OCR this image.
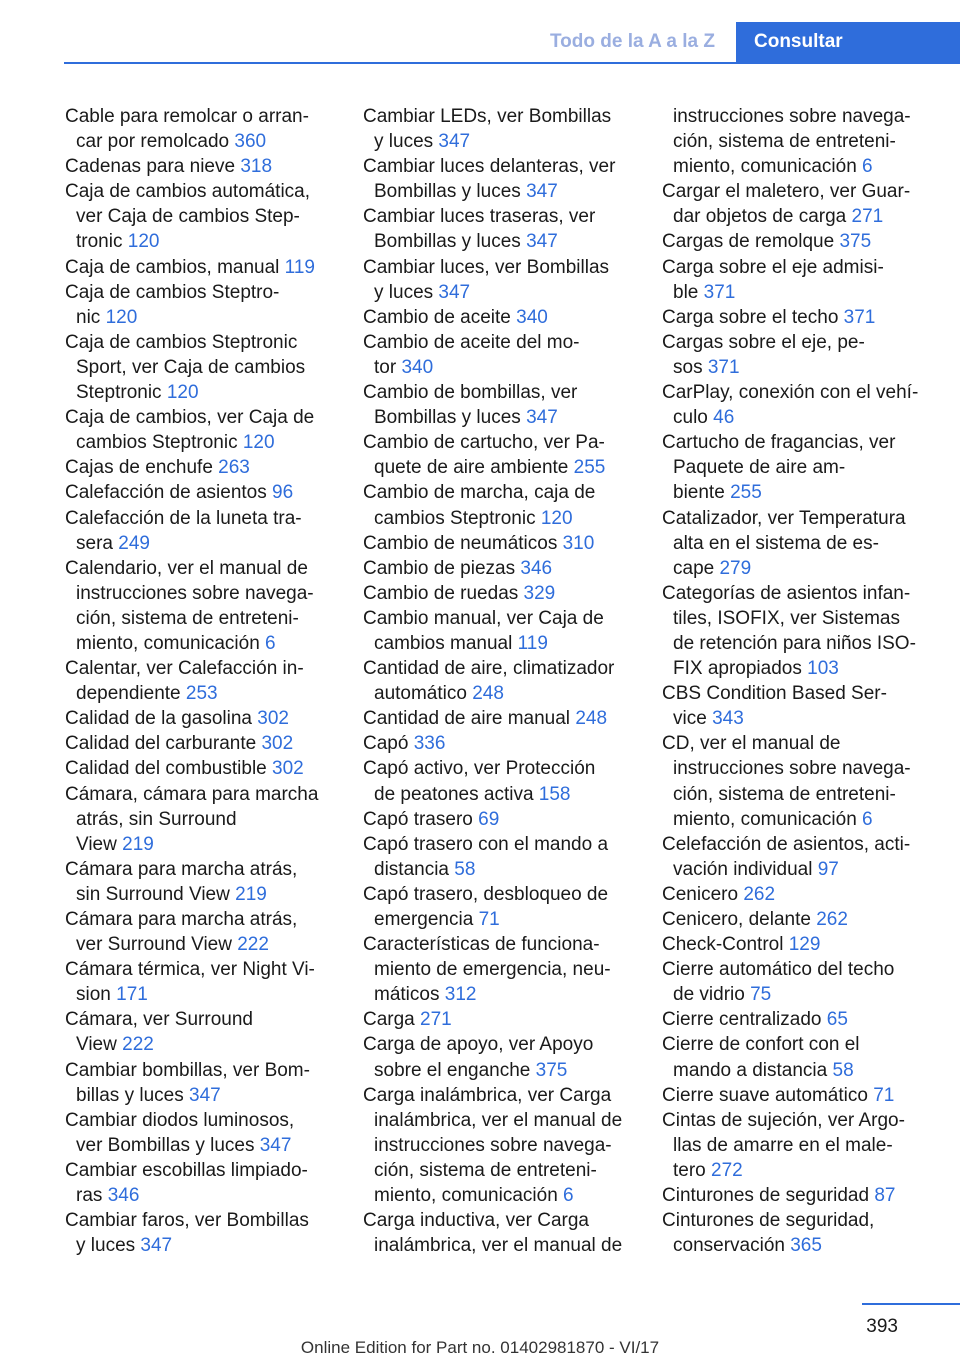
Todo de la A a la Z	Consultar
Cable para remolcar o arran-
car por remolcado 360
Cadenas para nieve 318
Caja de cambios automática,
ver Caja de cambios Step-
tronic 120
Caja de cambios, manual 119
Caja de cambios Steptro-
nic 120
Caja de cambios Steptronic
Sport, ver Caja de cambios
Steptronic 120
Caja de cambios, ver Caja de
cambios Steptronic 120
Cajas de enchufe 263
Calefacción de asientos 96
Calefacción de la luneta tra-
sera 249
Calendario, ver el manual de
instrucciones sobre navega-
ción, sistema de entreteni-
miento, comunicación 6
Calentar, ver Calefacción in-
dependiente 253
Calidad de la gasolina 302
Calidad del carburante 302
Calidad del combustible 302
Cámara, cámara para marcha
atrás, sin Surround
View 219
Cámara para marcha atrás,
sin Surround View 219
Cámara para marcha atrás,
ver Surround View 222
Cámara térmica, ver Night Vi-
sion 171
Cámara, ver Surround
View 222
Cambiar bombillas, ver Bom-
billas y luces 347
Cambiar diodos luminosos,
ver Bombillas y luces 347
Cambiar escobillas limpiado-
ras 346
Cambiar faros, ver Bombillas
y luces 347
Cambiar LEDs, ver Bombillas
y luces 347
Cambiar luces delanteras, ver
Bombillas y luces 347
Cambiar luces traseras, ver
Bombillas y luces 347
Cambiar luces, ver Bombillas
y luces 347
Cambio de aceite 340
Cambio de aceite del mo-
tor 340
Cambio de bombillas, ver
Bombillas y luces 347
Cambio de cartucho, ver Pa-
quete de aire ambiente 255
Cambio de marcha, caja de
cambios Steptronic 120
Cambio de neumáticos 310
Cambio de piezas 346
Cambio de ruedas 329
Cambio manual, ver Caja de
cambios manual 119
Cantidad de aire, climatizador
automático 248
Cantidad de aire manual 248
Capó 336
Capó activo, ver Protección
de peatones activa 158
Capó trasero 69
Capó trasero con el mando a
distancia 58
Capó trasero, desbloqueo de
emergencia 71
Características de funciona-
miento de emergencia, neu-
máticos 312
Carga 271
Carga de apoyo, ver Apoyo
sobre el enganche 375
Carga inalámbrica, ver Carga
inalámbrica, ver el manual de
instrucciones sobre navega-
ción, sistema de entreteni-
miento, comunicación 6
Carga inductiva, ver Carga
inalámbrica, ver el manual de
instrucciones sobre navega-
ción, sistema de entreteni-
miento, comunicación 6
Cargar el maletero, ver Guar-
dar objetos de carga 271
Cargas de remolque 375
Carga sobre el eje admisi-
ble 371
Carga sobre el techo 371
Cargas sobre el eje, pe-
sos 371
CarPlay, conexión con el vehí-
culo 46
Cartucho de fragancias, ver
Paquete de aire am-
biente 255
Catalizador, ver Temperatura
alta en el sistema de es-
cape 279
Categorías de asientos infan-
tiles, ISOFIX, ver Sistemas
de retención para niños ISO-
FIX apropiados 103
CBS Condition Based Ser-
vice 343
CD, ver el manual de
instrucciones sobre navega-
ción, sistema de entreteni-
miento, comunicación 6
Celefacción de asientos, acti-
vación individual 97
Cenicero 262
Cenicero, delante 262
Check-Control 129
Cierre automático del techo
de vidrio 75
Cierre centralizado 65
Cierre de confort con el
mando a distancia 58
Cierre suave automático 71
Cintas de sujeción, ver Argo-
llas de amarre en el male-
tero 272
Cinturones de seguridad 87
Cinturones de seguridad,
conservación 365
393
Online Edition for Part no. 01402981870 - VI/17
